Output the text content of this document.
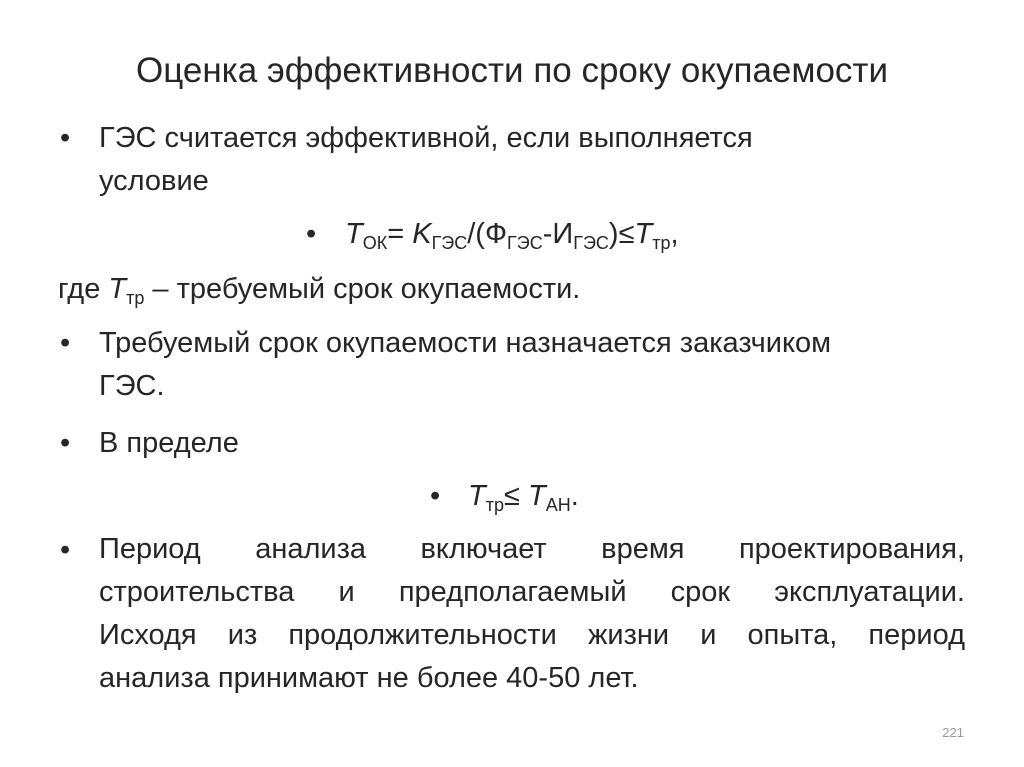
Оценка эффективности по сроку окупаемости
• ГЭС считается эффективной, если выполняется
условие
• $T_{ОК}= K_{ГЭС}/(Ф_{ГЭС}-И_{ГЭС})\le T_{тр}$,
где $T_{тр}$ – требуемый срок окупаемости.
• Требуемый срок окупаемости назначается заказчиком
ГЭС.
• В пределе
• $T_{тр}\le T_{АН}$.
• Период анализа включает время проектирования,
строительства и предполагаемый срок эксплуатации.
Исходя из продолжительности жизни и опыта, период
анализа принимают не более 40-50 лет.
221
